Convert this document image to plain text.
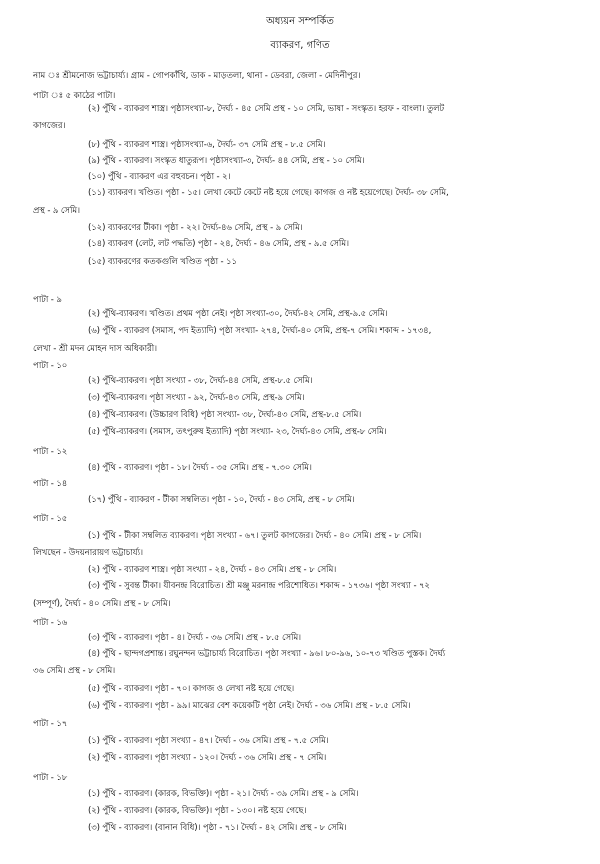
অধ্যয়ন সম্পর্কিত
ব্যাকরণ, গণিত
নাম ঃ শ্রীমনোজ ভট্টাচার্য্য। গ্রাম - গোপকাঁথি, ডাক - মাড়তলা, থানা - ডেবরা, জেলা - মেদিনীপুর।
পাটা ঃ ৫ কাঠের পাটা।
(২) পুঁথি - ব্যাকরণ শাস্ত্র। পৃষ্ঠাসংখ্যা-৮, দৈর্ঘ্য - ৪৫ সেমি প্রস্থ - ১০ সেমি, ভাষা - সংস্কৃত। হরফ - বাংলা। তুলট
কাগজের।
(৮) পুঁথি - ব্যাকরণ শাস্ত্র। পৃষ্ঠাসংখ্যা-৬, দৈর্ঘ্য- ৩৭ সেমি প্রস্থ - ৮.৫ সেমি।
(৯) পুঁথি - ব্যাকরণ। সংস্কৃত ধাতুরূপ। পৃষ্ঠাসংখ্যা-৩, দৈর্ঘ্য- ৪৪ সেমি, প্রস্থ - ১০ সেমি।
(১০) পুঁথি - ব্যাকরণ এর বহুবচন। পৃষ্ঠা - ২।
(১১) ব্যাকরণ। খণ্ডিত। পৃষ্ঠা - ১৫। লেখা কেটে কেটে নষ্ট হয়ে গেছে। কাগজ ও নষ্ট হয়েগেছে। দৈর্ঘ্য- ৩৮ সেমি,
প্রস্থ - ৯ সেমি।
(১২) ব্যাকরণের টীকা। পৃষ্ঠা - ২২। দৈর্ঘ্য-৪৬ সেমি, প্রস্থ - ৯ সেমি।
(১৪) ব্যাকরণ (লেট, লট পদ্ধতি) পৃষ্ঠা - ২৪, দৈর্ঘ্য - ৪৬ সেমি, প্রস্থ - ৯.৫ সেমি।
(১৫) ব্যাকরণের কতকগুলি খণ্ডিত পৃষ্ঠা - ১১
পাটা - ৯
(২) পুঁথি-ব্যাকরণ। খণ্ডিত। প্রথম পৃষ্ঠা নেই। পৃষ্ঠা সংখ্যা-৩০, দৈর্ঘ্য-৪২ সেমি, প্রস্থ-৯.৫ সেমি।
(৬) পুঁথি - ব্যাকরণ (সমাস, পদ ইত্যাদি) পৃষ্ঠা সংখ্যা- ২৭৪, দৈর্ঘ্য-৪০ সেমি, প্রস্থ-৭ সেমি। শকাব্দ - ১৭৩৪,
লেখা - শ্রী মদন মোহন দাস অধিকারী।
পাটা - ১০
(২) পুঁথি-ব্যাকরণ। পৃষ্ঠা সংখ্যা - ৩৮, দৈর্ঘ্য-৪৪ সেমি, প্রস্থ-৮.৫ সেমি।
(৩) পুঁথি-ব্যাকরণ। পৃষ্ঠা সংখ্যা - ৯২, দৈর্ঘ্য-৪৩ সেমি, প্রস্থ-৯ সেমি।
(৪) পুঁথি-ব্যাকরণ। (উচ্চারণ বিধি) পৃষ্ঠা সংখ্যা- ৩৮, দৈর্ঘ্য-৪৩ সেমি, প্রস্থ-৮.৫ সেমি।
(৫) পুঁথি-ব্যাকরণ। (সমাস, তৎপুরুষ ইত্যাদি) পৃষ্ঠা সংখ্যা- ২৩, দৈর্ঘ্য-৪৩ সেমি, প্রস্থ-৮ সেমি।
পাটা - ১২
(৪) পুঁথি - ব্যাকরণ। পৃষ্ঠা - ১৮। দৈর্ঘ্য - ৩৫ সেমি। প্রস্থ - ৭.৩০ সেমি।
পাটা - ১৪
(১৭) পুঁথি - ব্যাকরণ - টীকা সম্বলিত। পৃষ্ঠা - ১০, দৈর্ঘ্য - ৪৩ সেমি, প্রস্থ - ৮ সেমি।
পাটা - ১৫
(১) পুঁথি - টীকা সম্বলিত ব্যাকরণ। পৃষ্ঠা সংখ্যা - ৬৭। তুলট কাগজের। দৈর্ঘ্য - ৪০ সেমি। প্রস্থ - ৮ সেমি।
লিখছেন - উদয়নারায়ণ ভট্টাচার্য্য।
(২) পুঁথি - ব্যাকরণ শাস্ত্র। পৃষ্ঠা সংখ্যা - ২৪, দৈর্ঘ্য - ৪৩ সেমি। প্রস্থ - ৮ সেমি।
(৩) পুঁথি - সুবন্ত টীকা। যীবনন্দ্র বিরোচিত। শ্রী মঞ্জু মরনান্দ্র পরিশোধিত। শকাব্দ - ১৭৩৬। পৃষ্ঠা সংখ্যা - ৭২
(সম্পূর্ণ), দৈর্ঘ্য - ৪০ সেমি। প্রস্থ - ৮ সেমি।
পাটা - ১৬
(৩) পুঁথি - ব্যাকরণ। পৃষ্ঠা - ৪। দৈর্ঘ্য - ৩৬ সেমি। প্রস্থ - ৮.৫ সেমি।
(৪) পুঁথি - ছান্দগপ্রশান্ত। রঘুনন্দন ভট্টাচার্য্য বিরোচিত। পৃষ্ঠা সংখ্যা - ৯৬। ৮০-৯৬, ১০-৭৩ খণ্ডিত পুস্তক। দৈর্ঘ্য
৩৬ সেমি। প্রস্থ - ৮ সেমি।
(৫) পুঁথি - ব্যাকরণ। পৃষ্ঠা - ৭০। কাগজ ও লেখা নষ্ট হয়ে গেছে।
(৬) পুঁথি - ব্যাকরণ। পৃষ্ঠা - ৯৯। মাঝের বেশ কয়েকটি পৃষ্ঠা নেই। দৈর্ঘ্য - ৩৬ সেমি। প্রস্থ - ৮.৫ সেমি।
পাটা - ১৭
(১) পুঁথি - ব্যাকরণ। পৃষ্ঠা সংখ্যা - ৪৭। দৈর্ঘ্য - ৩৬ সেমি। প্রস্থ - ৭.৫ সেমি।
(২) পুঁথি - ব্যাকরণ। পৃষ্ঠা সংখ্যা - ১২০। দৈর্ঘ্য - ৩৬ সেমি। প্রস্থ - ৭ সেমি।
পাটা - ১৮
(১) পুঁথি - ব্যাকরণ। (কারক, বিভক্তি)। পৃষ্ঠা - ২১। দৈর্ঘ্য - ৩৯ সেমি। প্রস্থ - ৯ সেমি।
(২) পুঁথি - ব্যাকরণ। (কারক, বিভক্তি)। পৃষ্ঠা - ১৩০। নষ্ট হয়ে গেছে।
(৩) পুঁথি - ব্যাকরণ। (বানান বিধি)। পৃষ্ঠা - ৭১। দৈর্ঘ্য - ৪২ সেমি। প্রস্থ - ৮ সেমি।
